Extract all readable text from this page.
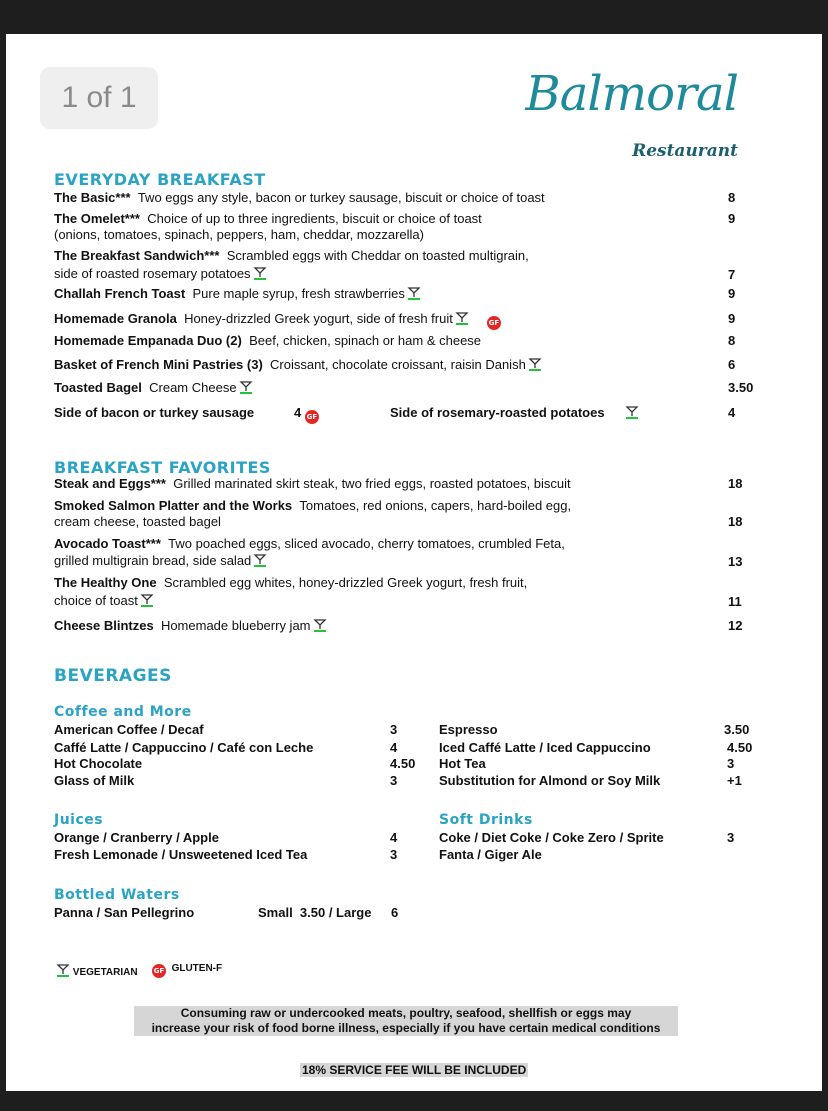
1 of 1	Balmoral
Restaurant
EVERYDAY BREAKFAST
The Basic*** Two eggs any style, bacon or turkey sausage, biscuit or choice of toast	8
The Omelet*** Choice of up to three ingredients, biscuit or choice of toast
(onions, tomatoes, spinach, peppers, ham, cheddar, mozzarella)
9
The Breakfast Sandwich*** Scrambled eggs with Cheddar on toasted multigrain,
side of roasted rosemary potatoes	7
Challah French Toast Pure maple syrup, fresh strawberries	9
Homemade Granola Honey-drizzled Greek yogurt, side of fresh fruit	GF	9
Homemade Empanada Duo (2) Beef, chicken, spinach or ham & cheese	8
Basket of French Mini Pastries (3) Croissant, chocolate croissant, raisin Danish	6
Toasted Bagel Cream Cheese	3.50
Side of bacon or turkey sausage	4 GF	Side of rosemary-roasted potatoes	4
BREAKFAST FAVORITES
Steak and Eggs*** Grilled marinated skirt steak, two fried eggs, roasted potatoes, biscuit	18
Smoked Salmon Platter and the Works Tomatoes, red onions, capers, hard-boiled egg,
cream cheese, toasted bagel	18
Avocado Toast*** Two poached eggs, sliced avocado, cherry tomatoes, crumbled Feta,
grilled multigrain bread, side salad	13
The Healthy One Scrambled egg whites, honey-drizzled Greek yogurt, fresh fruit,
choice of toast	11
Cheese Blintzes Homemade blueberry jam	12
BEVERAGES
Coffee and More
American Coffee / Decaf	3
Caffé Latte / Cappuccino / Café con Leche	4
Hot Chocolate	4.50
Glass of Milk	3
Espresso	3.50
Iced Caffé Latte / Iced Cappuccino	4.50
Hot Tea	3
Substitution for Almond or Soy Milk	+1
Juices	Soft Drinks
Orange / Cranberry / Apple	4
Fresh Lemonade / Unsweetened Iced Tea	3
Coke / Diet Coke / Coke Zero / Sprite	3
Fanta / Giger Ale
Bottled Waters
Panna / San Pellegrino	Small  3.50 / Large 6
VEGETARIAN GF GLUTEN-F
Consuming raw or undercooked meats, poultry, seafood, shellfish or eggs may
increase your risk of food borne illness, especially if you have certain medical conditions
18% SERVICE FEE WILL BE INCLUDED
